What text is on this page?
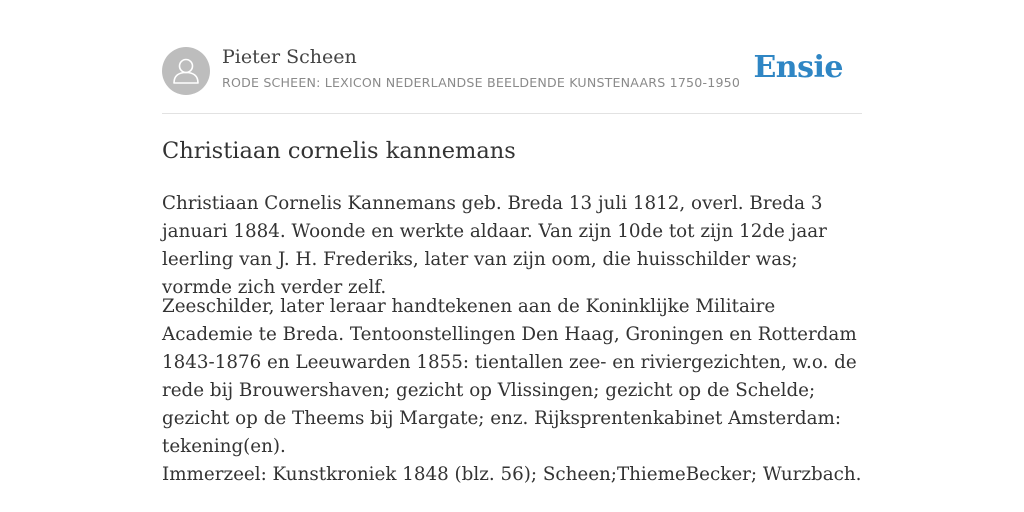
Pieter Scheen
RODE SCHEEN: LEXICON NEDERLANDSE BEELDENDE KUNSTENAARS 1750-1950 Ensie
Christiaan cornelis kannemans

Christiaan Cornelis Kannemans geb. Breda 13 juli 1812, overl. Breda 3 januari 1884. Woonde en werkte aldaar. Van zijn 10de tot zijn 12de jaar leerling van J. H. Frederiks, later van zijn oom, die huisschilder was; vormde zich verder zelf.

Zeeschilder, later leraar handtekenen aan de Koninklijke Militaire Academie te Breda. Tentoonstellingen Den Haag, Groningen en Rotterdam 1843-1876 en Leeuwarden 1855: tientallen zee- en riviergezichten, w.o. de rede bij Brouwershaven; gezicht op Vlissingen; gezicht op de Schelde; gezicht op de Theems bij Margate; enz. Rijksprentenkabinet Amsterdam: tekening(en).

Immerzeel: Kunstkroniek 1848 (blz. 56); Scheen;ThiemeBecker; Wurzbach.
